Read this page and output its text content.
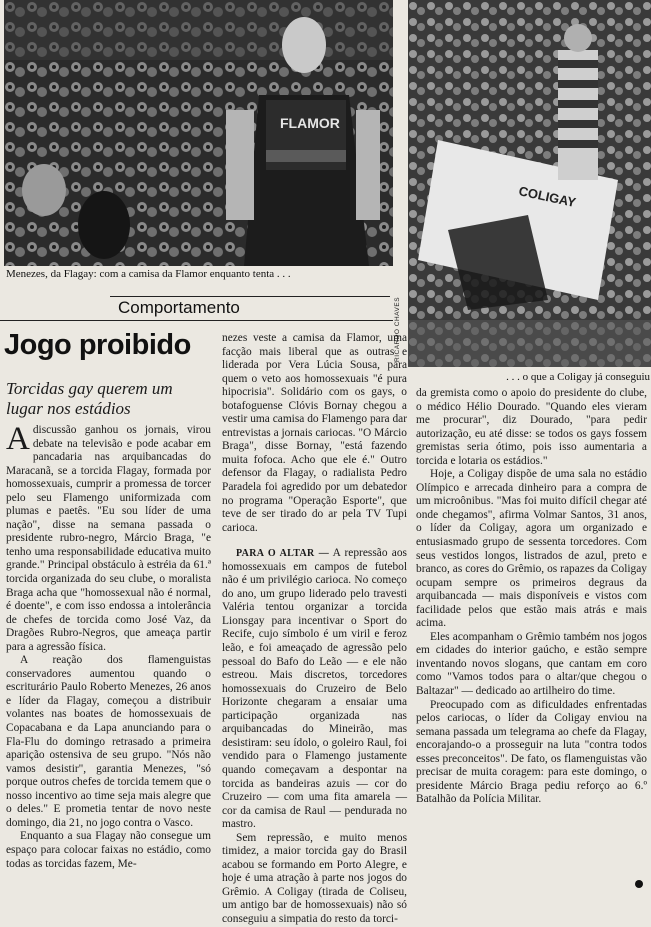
FLAMOR
Menezes, da Flagay: com a camisa da Flamor enquanto tenta . . .
COLIGAY
. . . o que a Coligay já conseguiu
RICARDO CHAVES
Comportamento
Jogo proibido
Torcidas gay querem um lugar nos estádios

Adiscussão ganhou os jornais, virou debate na televisão e pode acabar em pancadaria nas arquibancadas do Maracanã, se a torcida Flagay, formada por homossexuais, cumprir a promessa de torcer pelo seu Flamengo uniformizada com plumas e paetês. "Eu sou líder de uma nação", disse na semana passada o presidente rubro-negro, Márcio Braga, "e tenho uma responsabilidade educativa muito grande." Principal obstáculo à estréia da 61.ª torcida organizada do seu clube, o moralista Braga acha que "homossexual não é normal, é doente", e com isso endossa a intolerância de chefes de torcida como José Vaz, da Dragões Rubro-Negros, que ameaça partir para a agressão física.

A reação dos flamenguistas conservadores aumentou quando o escriturário Paulo Roberto Menezes, 26 anos e líder da Flagay, começou a distribuir volantes nas boates de homossexuais de Copacabana e da Lapa anunciando para o Fla-Flu do domingo retrasado a primeira aparição ostensiva de seu grupo. "Nós não vamos desistir", garantia Menezes, "só porque outros chefes de torcida temem que o nosso incentivo ao time seja mais alegre que o deles." E prometia tentar de novo neste domingo, dia 21, no jogo contra o Vasco.

Enquanto a sua Flagay não consegue um espaço para colocar faixas no estádio, como todas as torcidas fazem, Me-

nezes veste a camisa da Flamor, uma facção mais liberal que as outras e liderada por Vera Lúcia Sousa, para quem o veto aos homossexuais "é pura hipocrisia". Solidário com os gays, o botafoguense Clóvis Bornay chegou a vestir uma camisa do Flamengo para dar entrevistas a jornais cariocas. "O Márcio Braga", disse Bornay, "está fazendo muita fofoca. Acho que ele é." Outro defensor da Flagay, o radialista Pedro Paradela foi agredido por um debatedor no programa "Operação Esporte", que teve de ser tirado do ar pela TV Tupi carioca.

PARA O ALTAR — A repressão aos homossexuais em campos de futebol não é um privilégio carioca. No começo do ano, um grupo liderado pelo travesti Valéria tentou organizar a torcida Lionsgay para incentivar o Sport do Recife, cujo símbolo é um viril e feroz leão, e foi ameaçado de agressão pelo pessoal do Bafo do Leão — e ele não estreou. Mais discretos, torcedores homossexuais do Cruzeiro de Belo Horizonte chegaram a ensaiar uma participação organizada nas arquibancadas do Mineirão, mas desistiram: seu ídolo, o goleiro Raul, foi vendido para o Flamengo justamente quando começavam a despontar na torcida as bandeiras azuis — cor do Cruzeiro — com uma fita amarela — cor da camisa de Raul — pendurada no mastro.

Sem repressão, e muito menos timidez, a maior torcida gay do Brasil acabou se formando em Porto Alegre, e hoje é uma atração à parte nos jogos do Grêmio. A Coligay (tirada de Coliseu, um antigo bar de homossexuais) não só conseguiu a simpatia do resto da torci-

da gremista como o apoio do presidente do clube, o médico Hélio Dourado. "Quando eles vieram me procurar", diz Dourado, "para pedir autorização, eu até disse: se todos os gays fossem gremistas seria ótimo, pois isso aumentaria a torcida e lotaria os estádios."

Hoje, a Coligay dispõe de uma sala no estádio Olímpico e arrecada dinheiro para a compra de um microônibus. "Mas foi muito difícil chegar até onde chegamos", afirma Volmar Santos, 31 anos, o líder da Coligay, agora um organizado e entusiasmado grupo de sessenta torcedores. Com seus vestidos longos, listrados de azul, preto e branco, as cores do Grêmio, os rapazes da Coligay ocupam sempre os primeiros degraus da arquibancada — mais disponíveis e vistos com facilidade pelos que estão mais atrás e mais acima.

Eles acompanham o Grêmio também nos jogos em cidades do interior gaúcho, e estão sempre inventando novos slogans, que cantam em coro como "Vamos todos para o altar/que chegou o Baltazar" — dedicado ao artilheiro do time.

Preocupado com as dificuldades enfrentadas pelos cariocas, o líder da Coligay enviou na semana passada um telegrama ao chefe da Flagay, encorajando-o a prosseguir na luta "contra todos esses preconceitos". De fato, os flamenguistas vão precisar de muita coragem: para este domingo, o presidente Márcio Braga pediu reforço ao 6.º Batalhão da Polícia Militar.
